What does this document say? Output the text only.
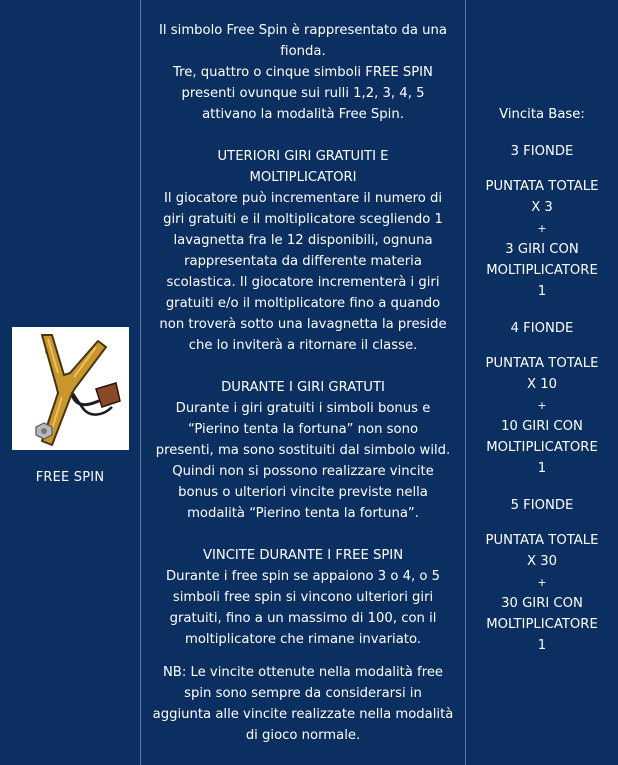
FREE SPIN

Il simbolo Free Spin è rappresentato da una

fionda.

Tre, quattro o cinque simboli FREE SPIN

presenti ovunque sui rulli 1,2, 3, 4, 5

attivano la modalità Free Spin.

UTERIORI GIRI GRATUITI E

MOLTIPLICATORI

Il giocatore può incrementare il numero di

giri gratuiti e il moltiplicatore scegliendo 1

lavagnetta fra le 12 disponibili, ognuna

rappresentata da differente materia

scolastica. Il giocatore incrementerà i giri

gratuiti e/o il moltiplicatore fino a quando

non troverà sotto una lavagnetta la preside

che lo inviterà a ritornare il classe.

DURANTE I GIRI GRATUTI

Durante i giri gratuiti i simboli bonus e

“Pierino tenta la fortuna” non sono

presenti, ma sono sostituiti dal simbolo wild.

Quindi non si possono realizzare vincite

bonus o ulteriori vincite previste nella

modalità “Pierino tenta la fortuna”.

VINCITE DURANTE I FREE SPIN

Durante i free spin se appaiono 3 o 4, o 5

simboli free spin si vincono ulteriori giri

gratuiti, fino a un massimo di 100, con il

moltiplicatore che rimane invariato.

NB: Le vincite ottenute nella modalità free

spin sono sempre da considerarsi in

aggiunta alle vincite realizzate nella modalità

di gioco normale.

Vincita Base:

3 FIONDE

PUNTATA TOTALE

X 3

+

3 GIRI CON

MOLTIPLICATORE

1

4 FIONDE

PUNTATA TOTALE

X 10

+

10 GIRI CON

MOLTIPLICATORE

1

5 FIONDE

PUNTATA TOTALE

X 30

+

30 GIRI CON

MOLTIPLICATORE

1
